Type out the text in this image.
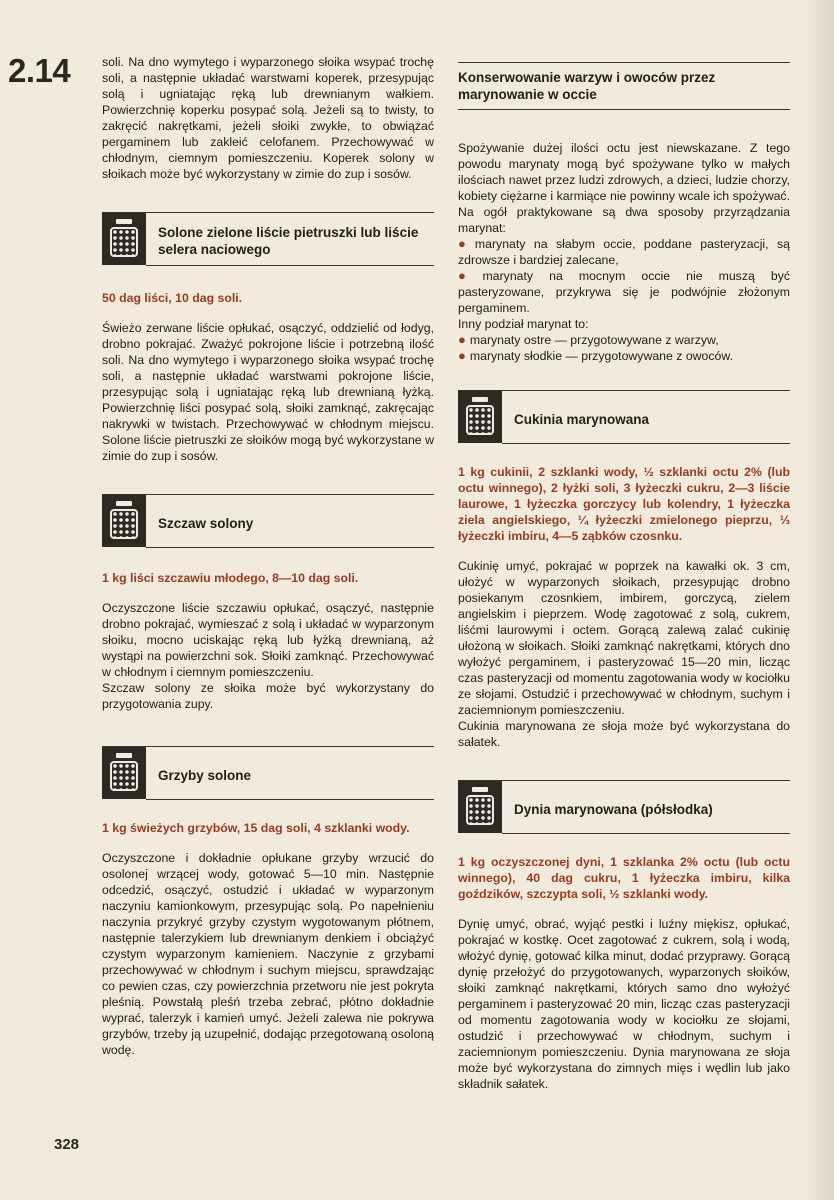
2.14
328

soli. Na dno wymytego i wyparzonego słoika wsypać trochę soli, a następnie układać warstwami koperek, przesypując solą i ugniatając ręką lub drewnianym wałkiem. Powierzchnię koperku posypać solą. Jeżeli są to twisty, to zakręcić nakrętkami, jeżeli słoiki zwykłe, to obwiązać pergaminem lub zakleić celofanem. Przechowywać w chłodnym, ciemnym pomieszczeniu. Koperek solony w słoikach może być wykorzystany w zimie do zup i sosów.

Solone zielone liście pietruszki lub liście selera naciowego
50 dag liści, 10 dag soli.

Świeżo zerwane liście opłukać, osączyć, oddzielić od łodyg, drobno pokrajać. Zważyć pokrojone liście i potrzebną ilość soli. Na dno wymytego i wyparzonego słoika wsypać trochę soli, a następnie układać warstwami pokrojone liście, przesypując solą i ugniatając ręką lub drewnianą łyżką. Powierzchnię liści posypać solą, słoiki zamknąć, zakręcając nakrywki w twistach. Przechowywać w chłodnym miejscu. Solone liście pietruszki ze słoików mogą być wykorzystane w zimie do zup i sosów.

Szczaw solony
1 kg liści szczawiu młodego, 8—10 dag soli.

Oczyszczone liście szczawiu opłukać, osączyć, następnie drobno pokrajać, wymieszać z solą i układać w wyparzonym słoiku, mocno uciskając ręką lub łyżką drewnianą, aż wystąpi na powierzchni sok. Słoiki zamknąć. Przechowywać w chłodnym i ciemnym pomieszczeniu.

Szczaw solony ze słoika może być wykorzystany do przygotowania zupy.

Grzyby solone
1 kg świeżych grzybów, 15 dag soli, 4 szklanki wody.

Oczyszczone i dokładnie opłukane grzyby wrzucić do osolonej wrzącej wody, gotować 5—10 min. Następnie odcedzić, osączyć, ostudzić i układać w wyparzonym naczyniu kamionkowym, przesypując solą. Po napełnieniu naczynia przykryć grzyby czystym wygotowanym płótnem, następnie talerzykiem lub drewnianym denkiem i obciążyć czystym wyparzonym kamieniem. Naczynie z grzybami przechowywać w chłodnym i suchym miejscu, sprawdzając co pewien czas, czy powierzchnia przetworu nie jest pokryta pleśnią. Powstałą pleśń trzeba zebrać, płótno dokładnie wyprać, talerzyk i kamień umyć. Jeżeli zalewa nie pokrywa grzybów, trzeby ją uzupełnić, dodając przegotowaną osoloną wodę.

Konserwowanie warzyw i owoców przez marynowanie w occie

Spożywanie dużej ilości octu jest niewskazane. Z tego powodu marynaty mogą być spożywane tylko w małych ilościach nawet przez ludzi zdrowych, a dzieci, ludzie chorzy, kobiety ciężarne i karmiące nie powinny wcale ich spożywać. Na ogół praktykowane są dwa sposoby przyrządzania marynat:

● marynaty na słabym occie, poddane pasteryzacji, są zdrowsze i bardziej zalecane,

● marynaty na mocnym occie nie muszą być pasteryzowane, przykrywa się je podwójnie złożonym pergaminem.

Inny podział marynat to:

● marynaty ostre — przygotowywane z warzyw,

● marynaty słodkie — przygotowywane z owoców.

Cukinia marynowana
1 kg cukinii, 2 szklanki wody, ½ szklanki octu 2% (lub octu winnego), 2 łyżki soli, 3 łyżeczki cukru, 2—3 liście laurowe, 1 łyżeczka gorczycy lub kolendry, 1 łyżeczka ziela angielskiego, ¼ łyżeczki zmielonego pieprzu, ⅓ łyżeczki imbiru, 4—5 ząbków czosnku.

Cukinię umyć, pokrajać w poprzek na kawałki ok. 3 cm, ułożyć w wyparzonych słoikach, przesypując drobno posiekanym czosnkiem, imbirem, gorczycą, zielem angielskim i pieprzem. Wodę zagotować z solą, cukrem, liśćmi laurowymi i octem. Gorącą zalewą zalać cukinię ułożoną w słoikach. Słoiki zamknąć nakrętkami, których dno wyłożyć pergaminem, i pasteryzować 15—20 min, licząc czas pasteryzacji od momentu zagotowania wody w kociołku ze słojami. Ostudzić i przechowywać w chłodnym, suchym i zaciemnionym pomieszczeniu.

Cukinia marynowana ze słoja może być wykorzystana do sałatek.

Dynia marynowana (półsłodka)
1 kg oczyszczonej dyni, 1 szklanka 2% octu (lub octu winnego), 40 dag cukru, 1 łyżeczka imbiru, kilka goździków, szczypta soli, ½ szklanki wody.

Dynię umyć, obrać, wyjąć pestki i luźny miękisz, opłukać, pokrajać w kostkę. Ocet zagotować z cukrem, solą i wodą, włożyć dynię, gotować kilka minut, dodać przyprawy. Gorącą dynię przełożyć do przygotowanych, wyparzonych słoików, słoiki zamknąć nakrętkami, których samo dno wyłożyć pergaminem i pasteryzować 20 min, licząc czas pasteryzacji od momentu zagotowania wody w kociołku ze słojami, ostudzić i przechowywać w chłodnym, suchym i zaciemnionym pomieszczeniu. Dynia marynowana ze słoja może być wykorzystana do zimnych mięs i wędlin lub jako składnik sałatek.
